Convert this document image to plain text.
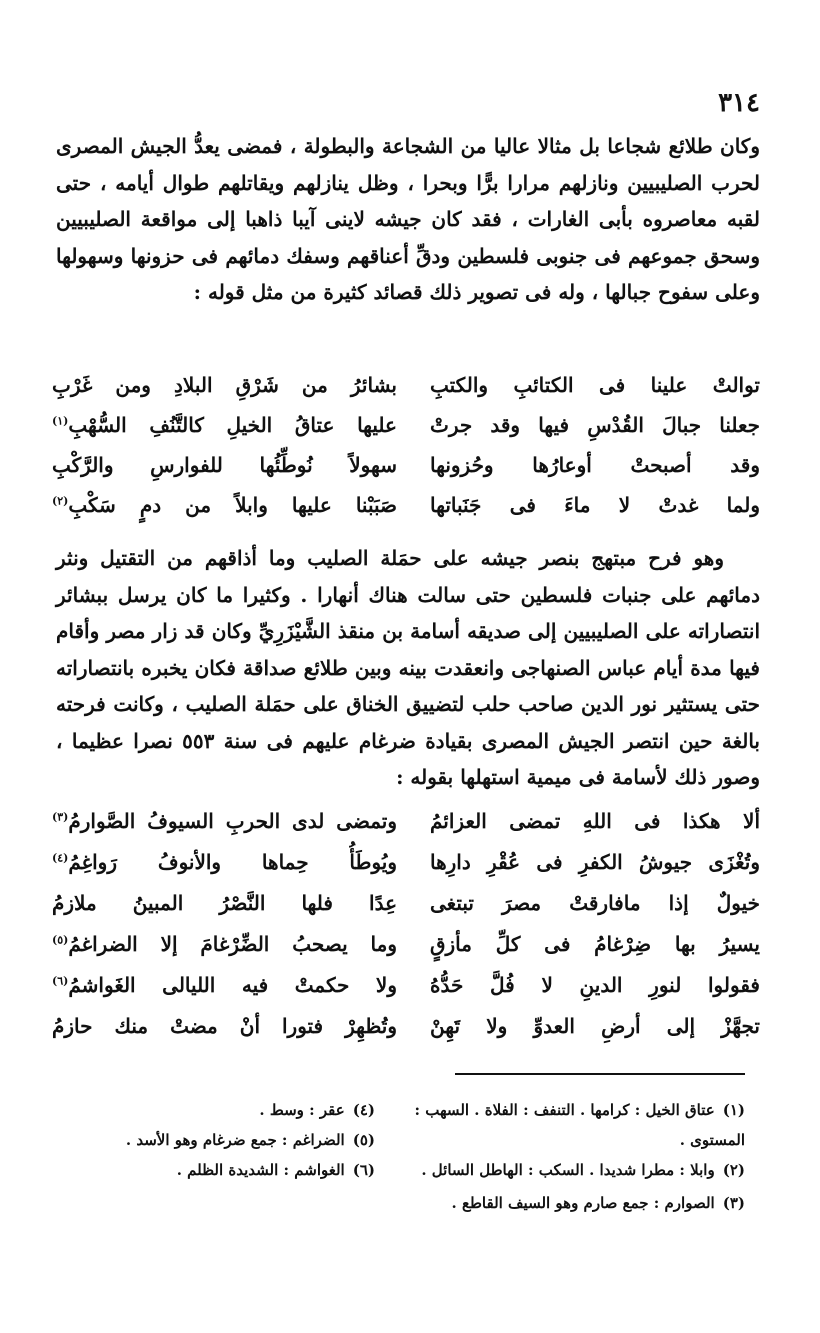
٣١٤
وكان طلائع شجاعا بل مثالا عاليا من الشجاعة والبطولة ، فمضى يعدُّ الجيش المصرى لحرب الصليبيين ونازلهم مرارا برًّا وبحرا ، وظل ينازلهم ويقاتلهم طوال أيامه ، حتى لقبه معاصروه بأبى الغارات ، فقد كان جيشه لاينى آيبا ذاهبا إلى مواقعة الصليبيين وسحق جموعهم فى جنوبى فلسطين ودقِّ أعناقهم وسفك دمائهم فى حزونها وسهولها وعلى سفوح جبالها ، وله فى تصوير ذلك قصائد كثيرة من مثل قوله :
توالتْ علينا فى الكتائبِ والكتبِ
بشائرُ من شَرْقِ البلادِ ومن غَرْبِ
جعلنا جبالَ القُدْسِ فيها وقد جرتْ
عليها عتاقُ الخيلِ كالتَّنُفِ السُّهْبِ$^{(١)}$
وقد أصبحتْ أوعارُها وحُزونها
سهولاً نُوطِّئُها للفوارسِ والرَّكْبِ
ولما غدتْ لا ماءَ فى جَنَباتها
صَبَبْنا عليها وابلاً من دمٍ سَكْبِ$^{(٢)}$
وهو فرح مبتهج بنصر جيشه على حمَلة الصليب وما أذاقهم من التقتيل ونثر دمائهم على جنبات فلسطين حتى سالت هناك أنهارا . وكثيرا ما كان يرسل ببشائر انتصاراته على الصليبيين إلى صديقه أسامة بن منقذ الشَّيْزَرِيِّ وكان قد زار مصر وأقام فيها مدة أيام عباس الصنهاجى وانعقدت بينه وبين طلائع صداقة فكان يخبره بانتصاراته حتى يستثير نور الدين صاحب حلب لتضييق الخناق على حمَلة الصليب ، وكانت فرحته بالغة حين انتصر الجيش المصرى بقيادة ضرغام عليهم فى سنة ٥٥٣ نصرا عظيما ، وصور ذلك لأسامة فى ميمية استهلها بقوله :
ألا هكذا فى اللهِ تمضى العزائمُ
وتمضى لدى الحربِ السيوفُ الصَّوارمُ$^{(٣)}$
وتُغْزَى جيوشُ الكفرِ فى عُقْرِ دارِها
ويُوطَأُ حِماها والأنوفُ رَواغِمُ$^{(٤)}$
خيولٌ إذا مافارقتْ مصرَ تبتغى
عِدًا فلها النَّصْرُ المبينُ ملازمُ
يسيرُ بها ضِرْغامُ فى كلِّ مأزقٍ
وما يصحبُ الضِّرْغامَ إلا الضراغمُ$^{(٥)}$
فقولوا لنورِ الدينِ لا فُلَّ حَدُّهُ
ولا حكمتْ فيه الليالى الغَواشمُ$^{(٦)}$
تجهَّزْ إلى أرضِ العدوِّ ولا تَهِنْ
وتُظهِرْ فتورا أنْ مضتْ منك حازمُ
(١)عتاق الخيل : كرامها . التنفف : الفلاة . السهب :
المستوى .
(٢)وابلا : مطرا شديدا . السكب : الهاطل السائل .
(٣)الصوارم : جمع صارم وهو السيف القاطع .
(٤)عقر : وسط .
(٥)الضراغم : جمع ضرغام وهو الأسد .
(٦)الغواشم : الشديدة الظلم .
